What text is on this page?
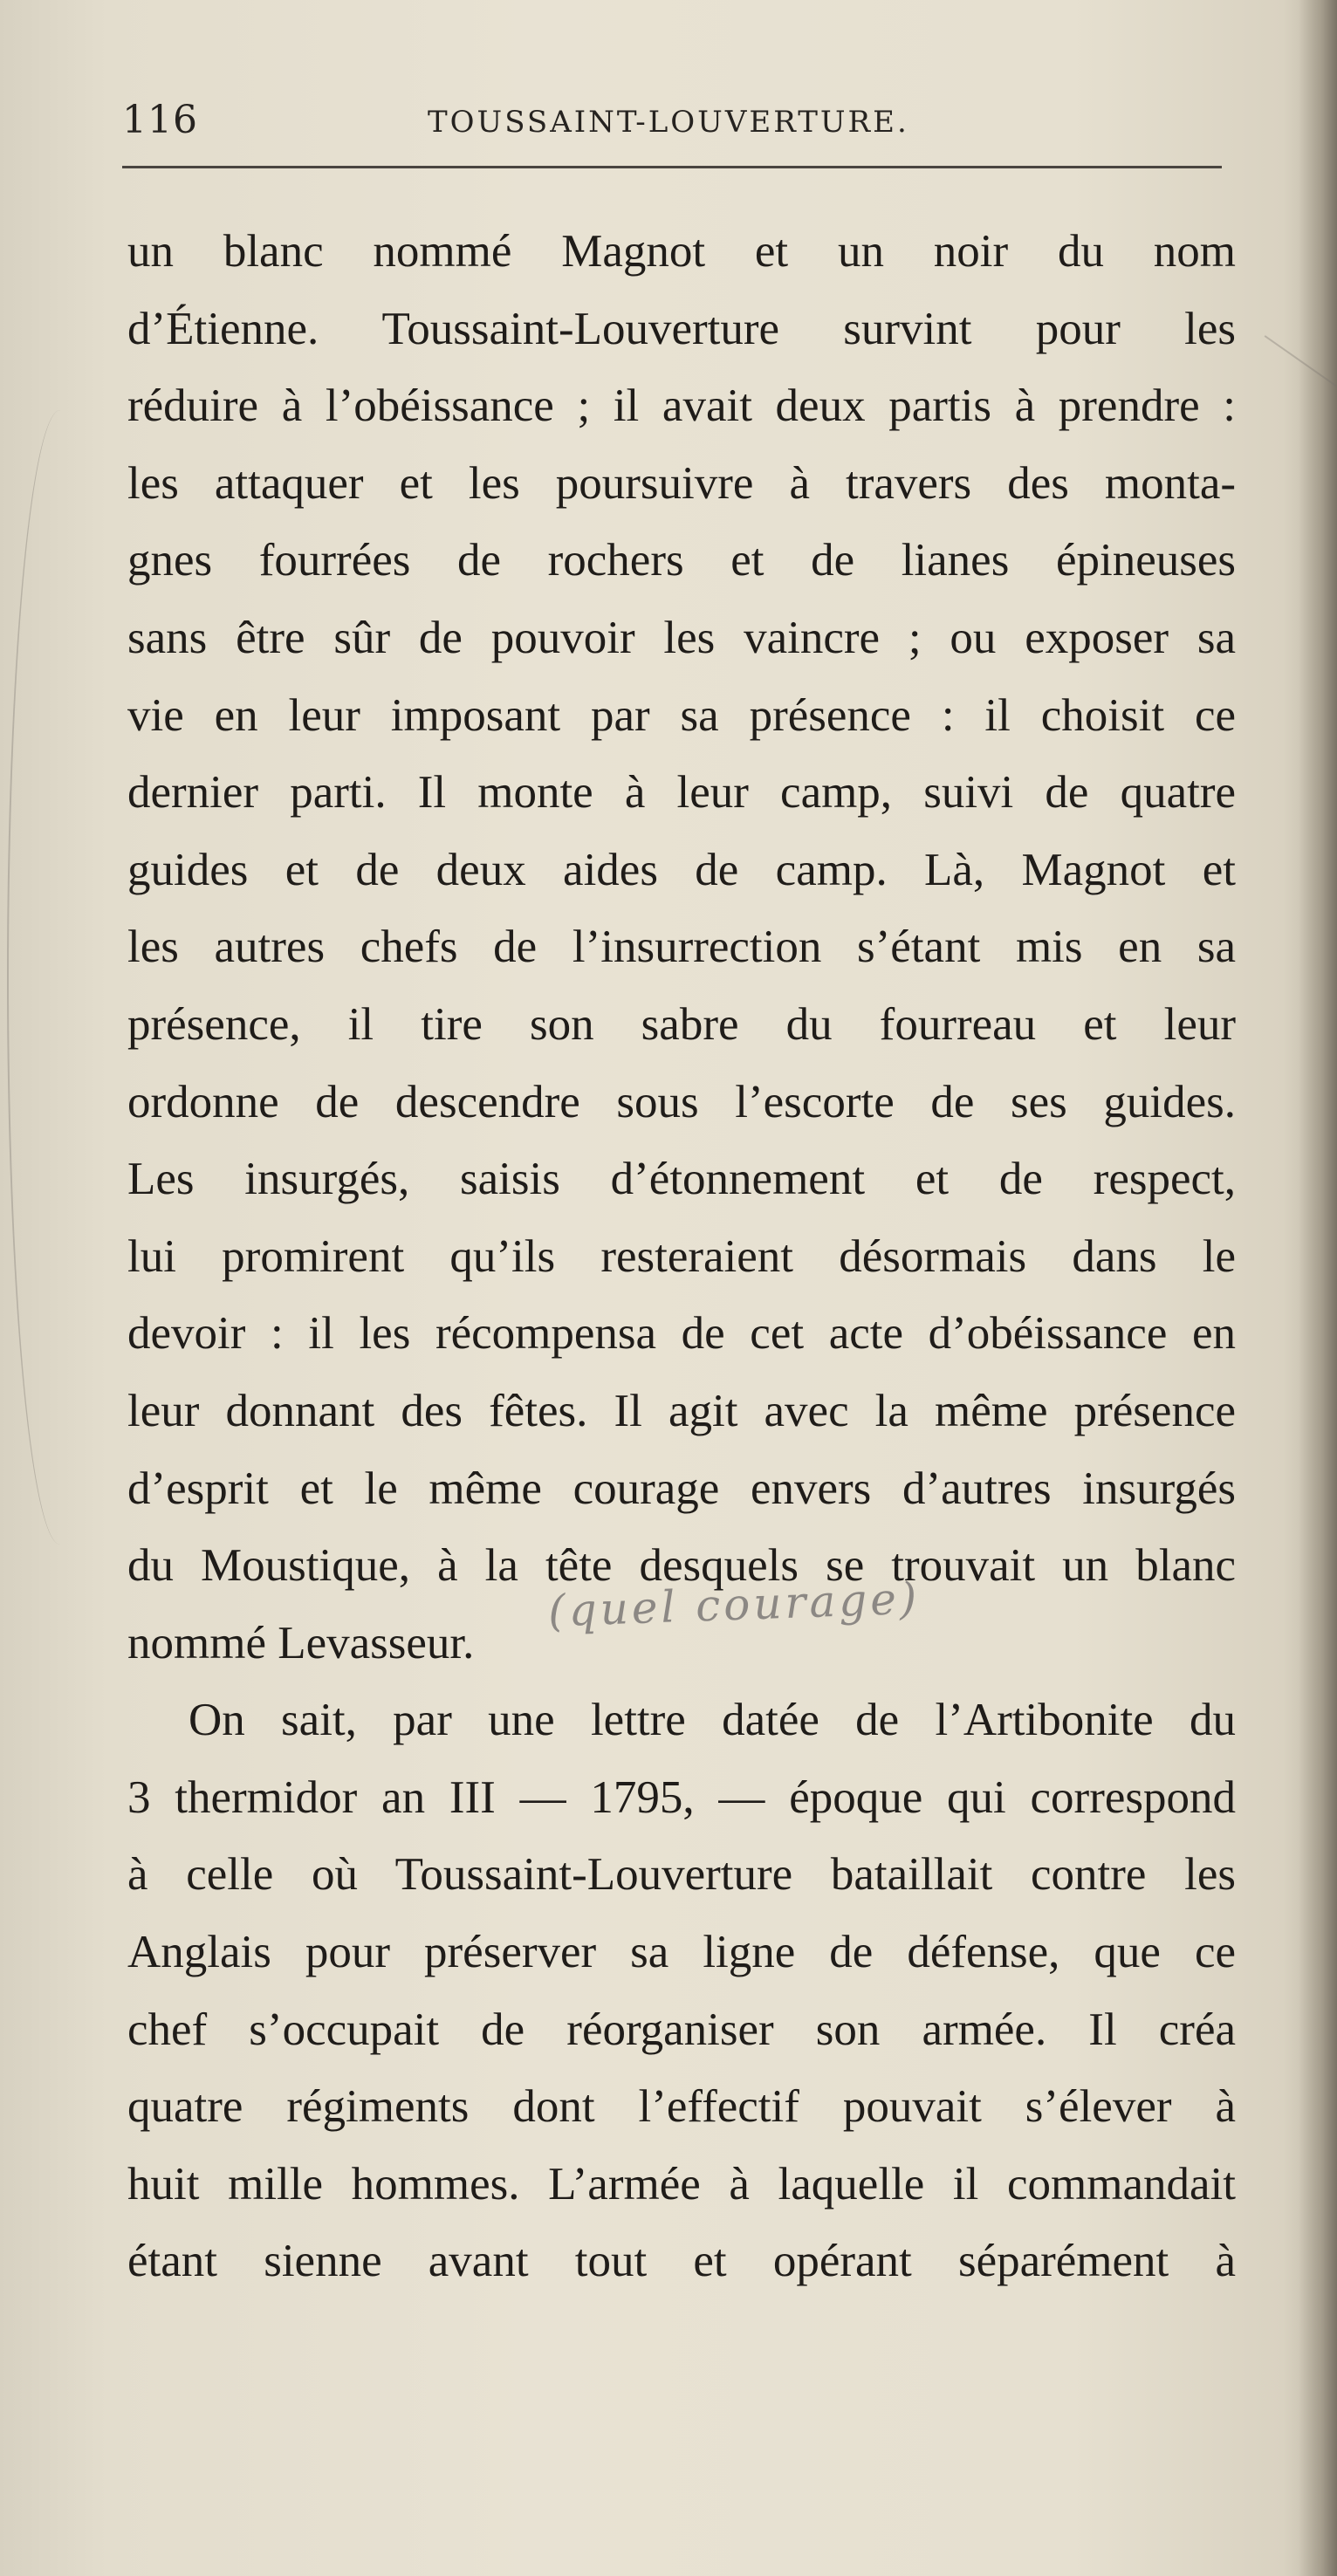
116	TOUSSAINT-LOUVERTURE.
un blanc nommé Magnot et un noir du nom
d’Étienne. Toussaint-Louverture survint pour les
réduire à l’obéissance ; il avait deux partis à prendre :
les attaquer et les poursuivre à travers des monta-
gnes fourrées de rochers et de lianes épineuses
sans être sûr de pouvoir les vaincre ; ou exposer sa
vie en leur imposant par sa présence : il choisit ce
dernier parti. Il monte à leur camp, suivi de quatre
guides et de deux aides de camp. Là, Magnot et
les autres chefs de l’insurrection s’étant mis en sa
présence, il tire son sabre du fourreau et leur
ordonne de descendre sous l’escorte de ses guides.
Les insurgés, saisis d’étonnement et de respect,
lui promirent qu’ils resteraient désormais dans le
devoir : il les récompensa de cet acte d’obéissance en
leur donnant des fêtes. Il agit avec la même présence
d’esprit et le même courage envers d’autres insurgés
du Moustique, à la tête desquels se trouvait un blanc
nommé Levasseur.
On sait, par une lettre datée de l’Artibonite du
3 thermidor an III — 1795, — époque qui correspond
à celle où Toussaint-Louverture bataillait contre les
Anglais pour préserver sa ligne de défense, que ce
chef s’occupait de réorganiser son armée. Il créa
quatre régiments dont l’effectif pouvait s’élever à
huit mille hommes. L’armée à laquelle il commandait
étant sienne avant tout et opérant séparément à
(quel courage)
